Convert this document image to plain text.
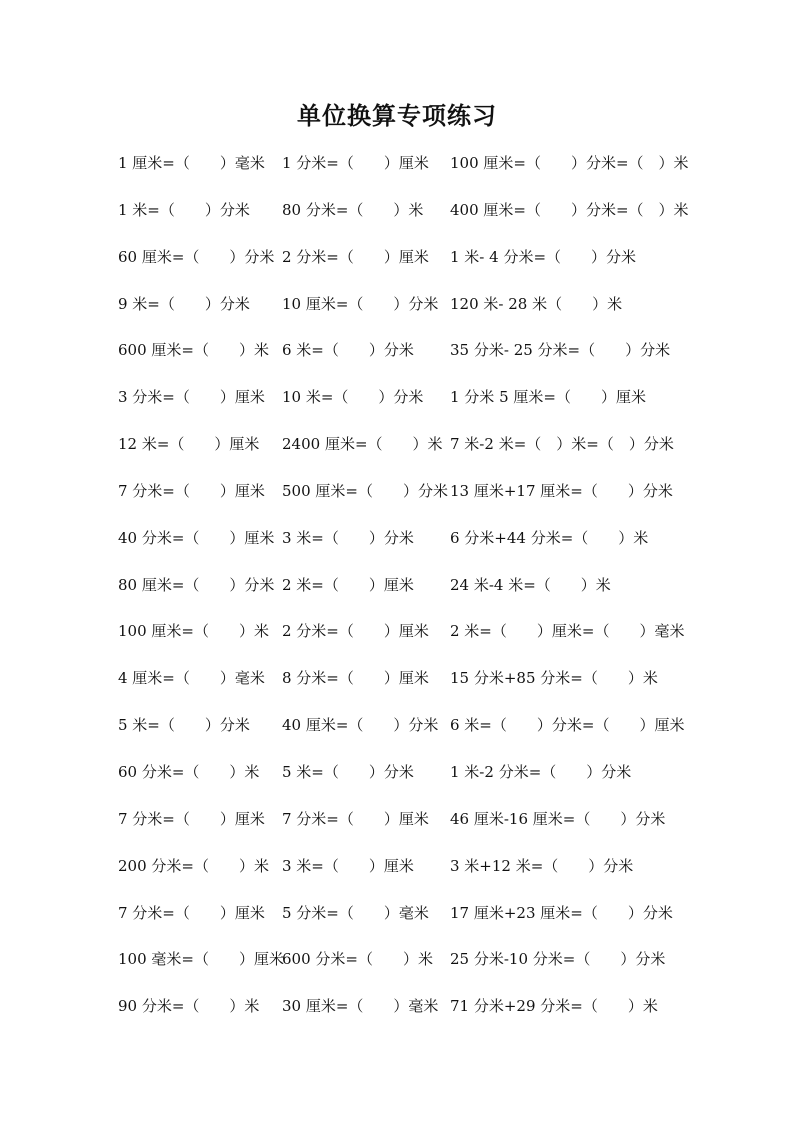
单位换算专项练习
1 厘米=（　　）毫米 1 分米=（　　）厘米 100 厘米=（　　）分米=（　）米
1 米=（　　）分米 80 分米=（　　）米 400 厘米=（　　）分米=（　）米
60 厘米=（　　）分米 2 分米=（　　）厘米 1 米- 4 分米=（　　）分米
9 米=（　　）分米 10 厘米=（　　）分米 120 米- 28 米（　　）米
600 厘米=（　　）米 6 米=（　　）分米 35 分米- 25 分米=（　　）分米
3 分米=（　　）厘米 10 米=（　　）分米 1 分米 5 厘米=（　　）厘米
12 米=（　　）厘米 2400 厘米=（　　）米 7 米-2 米=（　）米=（　）分米
7 分米=（　　）厘米 500 厘米=（　　）分米 13 厘米+17 厘米=（　　）分米
40 分米=（　　）厘米 3 米=（　　）分米 6 分米+44 分米=（　　）米
80 厘米=（　　）分米 2 米=（　　）厘米 24 米-4 米=（　　）米
100 厘米=（　　）米 2 分米=（　　）厘米 2 米=（　　）厘米=（　　）毫米
4 厘米=（　　）毫米 8 分米=（　　）厘米 15 分米+85 分米=（　　）米
5 米=（　　）分米 40 厘米=（　　）分米 6 米=（　　）分米=（　　）厘米
60 分米=（　　）米 5 米=（　　）分米 1 米-2 分米=（　　）分米
7 分米=（　　）厘米 7 分米=（　　）厘米 46 厘米-16 厘米=（　　）分米
200 分米=（　　）米 3 米=（　　）厘米 3 米+12 米=（　　）分米
7 分米=（　　）厘米 5 分米=（　　）毫米 17 厘米+23 厘米=（　　）分米
100 毫米=（　　）厘米
600 分米=（　　）米 25 分米-10 分米=（　　）分米
90 分米=（　　）米 30 厘米=（　　）毫米 71 分米+29 分米=（　　）米
